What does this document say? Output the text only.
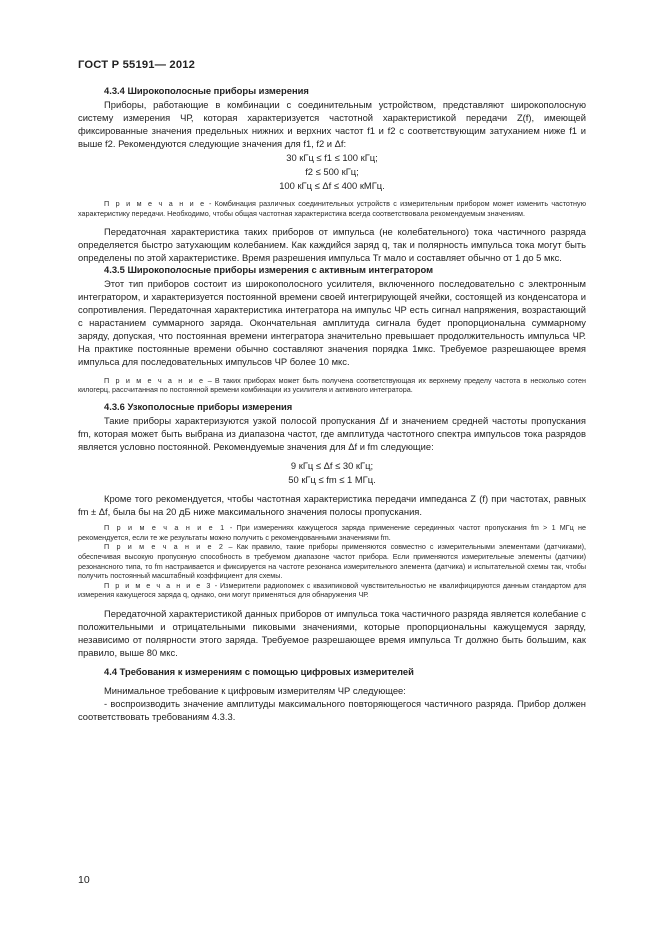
ГОСТ Р 55191— 2012
4.3.4 Широкополосные приборы измерения

Приборы, работающие в комбинации с соединительным устройством, представляют широкополосную систему измерения ЧР, которая характеризуется частотной характеристикой передачи Z(f), имеющей фиксированные значения предельных нижних и верхних частот f1 и f2 с соответствующим затуханием ниже f1 и выше f2. Рекомендуются следующие значения для f1, f2 и Δf:

30 кГц ≤ f1 ≤ 100 кГц;
f2 ≤ 500 кГц;
100 кГц ≤ Δf ≤ 400 кМГц.

П р и м е ч а н и е - Комбинация различных соединительных устройств с измерительным прибором может изменить частотную характеристику передачи. Необходимо, чтобы общая частотная характеристика всегда соответствовала рекомендуемым значениям.

Передаточная характеристика таких приборов от импульса (не колебательного) тока частичного разряда определяется быстро затухающим колебанием. Как каждийся заряд q, так и полярность импульса тока могут быть определены по этой характеристике. Время разрешения импульса Tr мало и составляет обычно от 1 до 5 мкс.

4.3.5 Широкополосные приборы измерения с активным интегратором

Этот тип приборов состоит из широкополосного усилителя, включенного последовательно с электронным интегратором, и характеризуется постоянной времени своей интегрирующей ячейки, состоящей из конденсатора и сопротивления. Передаточная характеристика интегратора на импульс ЧР есть сигнал напряжения, возрастающий с нарастанием суммарного заряда. Окончательная амплитуда сигнала будет пропорциональна суммарному заряду, допуская, что постоянная времени интегратора значительно превышает продолжительность импульса ЧР. На практике постоянные времени обычно составляют значения порядка 1мкс. Требуемое разрешающее время импульса для последовательных импульсов ЧР более 10 мкс.

П р и м е ч а н и е – В таких приборах может быть получена соответствующая их верхнему пределу частота в несколько сотен килогерц, рассчитанная по постоянной времени комбинации из усилителя и активного интегратора.

4.3.6 Узкополосные приборы измерения

Такие приборы характеризуются узкой полосой пропускания Δf и значением средней частоты пропускания fm, которая может быть выбрана из диапазона частот, где амплитуда частотного спектра импульсов тока разрядов является условно постоянной. Рекомендуемые значения для Δf и fm следующие:

9 кГц ≤ Δf ≤ 30 кГц;
50 кГц ≤ fm ≤ 1 МГц.

Кроме того рекомендуется, чтобы частотная характеристика передачи импеданса Z (f) при частотах, равных fm ± Δf, была бы на 20 дБ ниже максимального значения полосы пропускания.

П р и м е ч а н и е 1 - При измерениях кажущегося заряда применение серединных частот пропускания fm > 1 МГц не рекомендуется, если те же результаты можно получить с рекомендованными значениями fm.

П р и м е ч а н и е 2 – Как правило, такие приборы применяются совместно с измерительными элементами (датчиками), обеспечивая высокую пропускную способность в требуемом диапазоне частот прибора. Если применяются измерительные элементы (датчики) резонансного типа, то fm настраивается и фиксируется на частоте резонанса измерительного элемента (датчика) и испытательной схемы так, чтобы получить постоянный масштабный коэффициент для схемы.

П р и м е ч а н и е 3 - Измерители радиопомех с квазипиковой чувствительностью не квалифицируются данным стандартом для измерения кажущегося заряда q, однако, они могут применяться для обнаружения ЧР.

Передаточной характеристикой данных приборов от импульса тока частичного разряда является колебание с положительными и отрицательными пиковыми значениями, которые пропорциональны кажущемуся заряду, независимо от полярности этого заряда. Требуемое разрешающее время импульса Tr должно быть большим, как правило, выше 80 мкс.

4.4 Требования к измерениям с помощью цифровых измерителей

Минимальное требование к цифровым измерителям ЧР следующее:

- воспроизводить значение амплитуды максимального повторяющегося частичного разряда. Прибор должен соответствовать требованиям 4.3.3.

10
